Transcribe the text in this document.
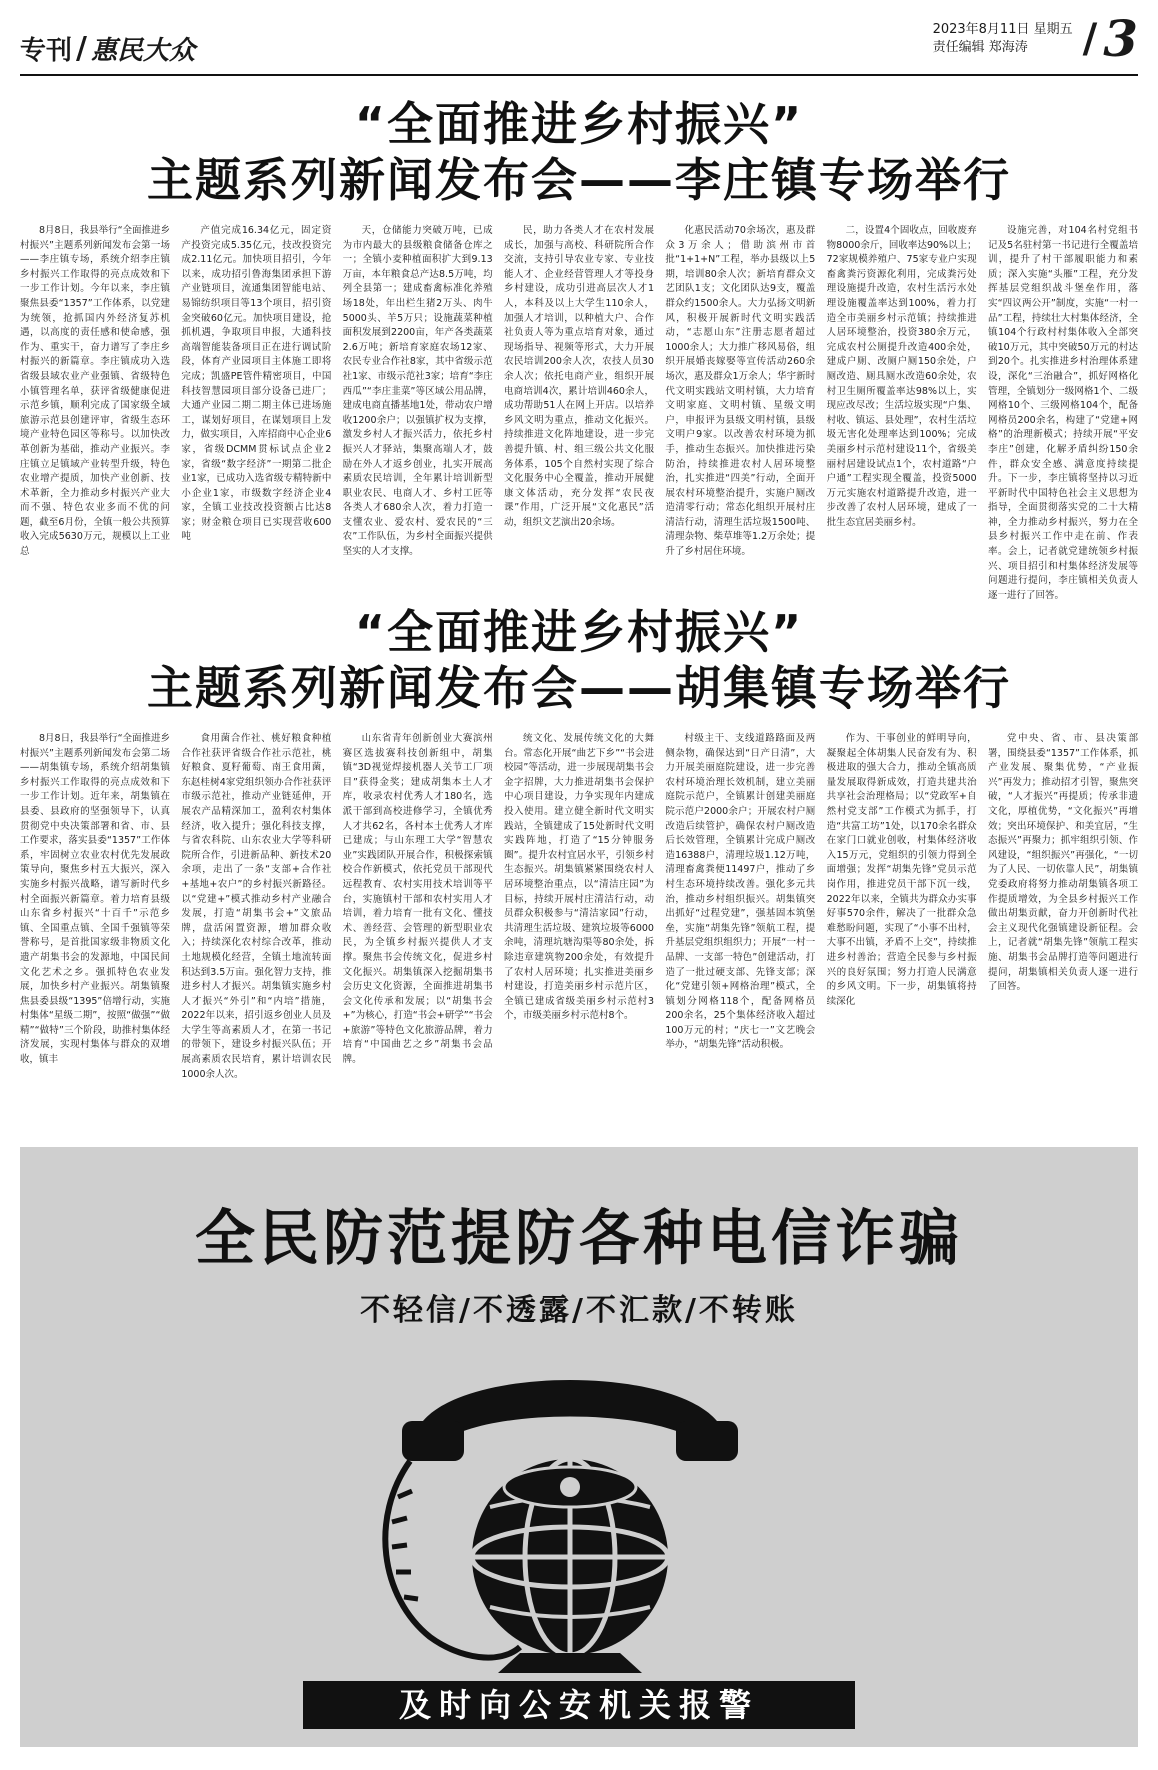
专刊 / 惠民大众
2023年8月11日 星期五
责任编辑 郑海涛	/ 3
“全面推进乡村振兴”
主题系列新闻发布会——李庄镇专场举行

8月8日，我县举行“全面推进乡村振兴”主题系列新闻发布会第一场——李庄镇专场，系统介绍李庄镇乡村振兴工作取得的亮点成效和下一步工作计划。今年以来，李庄镇聚焦县委“1357”工作体系，以党建为统领，抢抓国内外经济复苏机遇，以高度的责任感和使命感，强作为、重实干，奋力谱写了李庄乡村振兴的新篇章。李庄镇成功入选省级县域农业产业强镇、省级特色小镇管理名单，获评省级健康促进示范乡镇，顺利完成了国家级全域旅游示范县创建评审，省级生态环境产业特色园区等称号。以加快改革创新为基础，推动产业振兴。李庄镇立足镇域产业转型升级，特色农业增产提质，加快产业创新、技术革新，全力推动乡村振兴产业大而不强、特色农业多而不优的问题，截至6月份，全镇一般公共预算收入完成5630万元，规模以上工业总

产值完成16.34亿元，固定资产投资完成5.35亿元，技改投资完成2.11亿元。加快项目招引，今年以来，成功招引鲁海集团承担下游产业链项目，流通集团智能电站、易锦纺织项目等13个项目，招引资金突破60亿元。加快项目建设，抢抓机遇，争取项目申报，大通科技高端智能装备项目正在进行调试阶段，体育产业园项目主体施工即将完成；凯盛PE管件精密项目，中国科技智慧园项目部分设备已进厂；大通产业园二期二期主体已进场施工，谋划好项目，在谋划项目上发力，做实项目，入库招商中心企业6家，省级DCMM贯标试点企业2家，省级“数字经济”一期第二批企业1家，已成功入选省级专精特新中小企业1家，市级数字经济企业4家，全镇工业技改投资额占比达8家；财金粮仓项目已实现营收600吨

天，仓储能力突破万吨，已成为市内最大的县级粮食储备仓库之一；全镇小麦种植面积扩大到9.13万亩，本年粮食总产达8.5万吨，均列全县第一；建成畜禽标准化养殖场18处，年出栏生猪2万头、肉牛5000头、羊5万只；设施蔬菜种植面积发展到2200亩，年产各类蔬菜2.6万吨；新培育家庭农场12家、农民专业合作社8家，其中省级示范社1家、市级示范社3家；培育“李庄西瓜”“李庄韭菜”等区域公用品牌，建成电商直播基地1处，带动农户增收1200余户；以强镇扩权为支撑，激发乡村人才振兴活力，依托乡村振兴人才驿站，集聚高端人才，鼓励在外人才返乡创业，扎实开展高素质农民培训，全年累计培训新型职业农民、电商人才、乡村工匠等各类人才680余人次，着力打造一支懂农业、爱农村、爱农民的“三农”工作队伍，为乡村全面振兴提供坚实的人才支撑。

民，助力各类人才在农村发展成长，加强与高校、科研院所合作交流，支持引导农业专家、专业技能人才、企业经营管理人才等投身乡村建设，成功引进高层次人才1人，本科及以上大学生110余人，加强人才培训，以种植大户、合作社负责人等为重点培育对象，通过现场指导、视频等形式，大力开展农民培训200余人次，农技人员30余人次；依托电商产业，组织开展电商培训4次，累计培训460余人，成功帮助51人在网上开店。以培养乡风文明为重点，推动文化振兴。持续推进文化阵地建设，进一步完善提升镇、村、组三级公共文化服务体系，105个自然村实现了综合文化服务中心全覆盖，推动开展健康文体活动，充分发挥“农民夜课”作用，广泛开展“文化惠民”活动，组织文艺演出20余场。

化惠民活动70余场次，惠及群众3万余人；借助滨州市首批“1+1+N”工程，举办县级以上5期，培训80余人次；新培育群众文艺团队1支；文化团队达9支，覆盖群众约1500余人。大力弘扬文明新风，积极开展新时代文明实践活动，“志愿山东”注册志愿者超过1000余人；大力推广移风易俗，组织开展婚丧嫁娶等宣传活动260余场次，惠及群众1万余人；华宇新时代文明实践站文明村镇，大力培育文明家庭、文明村镇、星级文明户，申报评为县级文明村镇，县级文明户9家。以改善农村环境为抓手，推动生态振兴。加快推进污染防治，持续推进农村人居环境整治，扎实推进“四美”行动，全面开展农村环境整治提升，实施户厕改造清零行动；常态化组织开展村庄清洁行动，清理生活垃圾1500吨、清理杂物、柴草堆等1.2万余处；提升了乡村居住环境。

二，设置4个固收点，回收废弃物8000余斤，回收率达90%以上；72家规模养殖户、75家专业户实现畜禽粪污资源化利用，完成粪污处理设施提升改造，农村生活污水处理设施覆盖率达到100%，着力打造全市美丽乡村示范镇；持续推进人居环境整治，投资380余万元，完成农村公厕提升改造400余处，建成户厕、改厕户厕150余处，户厕改造、厕具厕水改造60余处，农村卫生厕所覆盖率达98%以上，实现应改尽改；生活垃圾实现“户集、村收、镇运、县处理”，农村生活垃圾无害化处理率达到100%；完成美丽乡村示范村建设11个，省级美丽村居建设试点1个，农村道路“户户通”工程实现全覆盖，投资5000万元实施农村道路提升改造，进一步改善了农村人居环境，建成了一批生态宜居美丽乡村。

设施完善，对104名村党组书记及5名驻村第一书记进行全覆盖培训，提升了村干部履职能力和素质；深入实施“头雁”工程，充分发挥基层党组织战斗堡垒作用，落实“四议两公开”制度，实施“一村一品”工程，持续壮大村集体经济，全镇104个行政村村集体收入全部突破10万元，其中突破50万元的村达到20个。扎实推进乡村治理体系建设，深化“三治融合”，抓好网格化管理，全镇划分一级网格1个、二级网格10个、三级网格104个，配备网格员200余名，构建了“党建+网格”的治理新模式；持续开展“平安李庄”创建，化解矛盾纠纷150余件，群众安全感、满意度持续提升。下一步，李庄镇将坚持以习近平新时代中国特色社会主义思想为指导，全面贯彻落实党的二十大精神，全力推动乡村振兴，努力在全县乡村振兴工作中走在前、作表率。会上，记者就党建统领乡村振兴、项目招引和村集体经济发展等问题进行提问，李庄镇相关负责人逐一进行了回答。

“全面推进乡村振兴”
主题系列新闻发布会——胡集镇专场举行

8月8日，我县举行“全面推进乡村振兴”主题系列新闻发布会第二场——胡集镇专场，系统介绍胡集镇乡村振兴工作取得的亮点成效和下一步工作计划。近年来，胡集镇在县委、县政府的坚强领导下，认真贯彻党中央决策部署和省、市、县工作要求，落实县委“1357”工作体系，牢固树立农业农村优先发展政策导向，聚焦乡村五大振兴，深入实施乡村振兴战略，谱写新时代乡村全面振兴新篇章。着力培育县级山东省乡村振兴“十百千”示范乡镇、全国重点镇、全国千强镇等荣誉称号，是首批国家级非物质文化遗产胡集书会的发源地，中国民间文化艺术之乡。强抓特色农业发展，加快乡村产业振兴。胡集镇聚焦县委县级“1395”倍增行动，实施村集体“星级二期”，按照“做强”“做精”“做特”三个阶段，助推村集体经济发展，实现村集体与群众的双增收，镇丰

食用菌合作社、桃好粮食种植合作社获评省级合作社示范社，桃好粮食、夏籽葡萄、南王食用菌，东赵桂树4家党组织领办合作社获评市级示范社，推动产业链延伸，开展农产品精深加工，盈利农村集体经济，收入提升；强化科技支撑，与省农科院、山东农业大学等科研院所合作，引进新品种、新技术20余项，走出了一条“支部+合作社+基地+农户”的乡村振兴新路径。以“党建+”模式推动乡村产业融合发展，打造“胡集书会+”文旅品牌，盘活闲置资源，增加群众收入；持续深化农村综合改革，推动土地规模化经营，全镇土地流转面积达到3.5万亩。强化智力支持，推进乡村人才振兴。胡集镇实施乡村人才振兴“外引”和“内培”措施，2022年以来，招引返乡创业人员及大学生等高素质人才，在第一书记的带领下，建设乡村振兴队伍；开展高素质农民培育，累计培训农民1000余人次。

山东省青年创新创业大赛滨州赛区选拔赛科技创新组中，胡集镇“3D视觉焊接机器人关节工厂项目”获得金奖；建成胡集本土人才库，收录农村优秀人才180名，选派干部到高校进修学习，全镇优秀人才共62名，各村本土优秀人才库已建成；与山东理工大学“智慧农业”实践团队开展合作，积极探索镇校合作新模式，依托党员干部现代远程教育、农村实用技术培训等平台，实施镇村干部和农村实用人才培训，着力培育一批有文化、懂技术、善经营、会管理的新型职业农民，为全镇乡村振兴提供人才支撑。聚焦书会传统文化，促进乡村文化振兴。胡集镇深入挖掘胡集书会历史文化资源，全面推进胡集书会文化传承和发展；以“胡集书会+”为核心，打造“书会+研学”“书会+旅游”等特色文化旅游品牌，着力培育“中国曲艺之乡”胡集书会品牌。

统文化、发展传统文化的大舞台。常态化开展“曲艺下乡”“书会进校园”等活动，进一步展现胡集书会金字招牌，大力推进胡集书会保护中心项目建设，力争实现年内建成投入使用。建立健全新时代文明实践站，全镇建成了15处新时代文明实践阵地，打造了“15分钟服务圈”。提升农村宜居水平，引领乡村生态振兴。胡集镇紧紧围绕农村人居环境整治重点，以“清洁庄园”为目标，持续开展村庄清洁行动，动员群众积极参与“清洁家园”行动，共清理生活垃圾、建筑垃圾等6000余吨，清理坑塘沟渠等80余处，拆除违章建筑物200余处，有效提升了农村人居环境；扎实推进美丽乡村建设，打造美丽乡村示范片区，全镇已建成省级美丽乡村示范村3个，市级美丽乡村示范村8个。

村级主干、支线道路路面及两侧杂物，确保达到“日产日清”，大力开展美丽庭院建设，进一步完善农村环境治理长效机制，建立美丽庭院示范户，全镇累计创建美丽庭院示范户2000余户；开展农村户厕改造后续管护，确保农村户厕改造后长效管理，全镇累计完成户厕改造16388户，清理垃圾1.12万吨，清理畜禽粪便11497户，推动了乡村生态环境持续改善。强化多元共治，推动乡村组织振兴。胡集镇突出抓好“过程党建”，强基固本筑堡垒，实施“胡集先锋”领航工程，提升基层党组织组织力；开展“一村一品牌、一支部一特色”创建活动，打造了一批过硬支部、先锋支部；深化“党建引领+网格治理”模式，全镇划分网格118个，配备网格员200余名，25个集体经济收入超过100万元的村；“庆七一”文艺晚会举办，“胡集先锋”活动积极。

作为、干事创业的鲜明导向，凝聚起全体胡集人民奋发有为、积极进取的强大合力，推动全镇高质量发展取得新成效，打造共建共治共享社会治理格局；以“党政军+自然村党支部”工作模式为抓手，打造“共富工坊”1处，以170余名群众在家门口就业创收，村集体经济收入15万元，党组织的引领力得到全面增强；发挥“胡集先锋”党员示范岗作用，推进党员干部下沉一线，2022年以来，全镇共为群众办实事好事570余件，解决了一批群众急难愁盼问题，实现了“小事不出村，大事不出镇，矛盾不上交”，持续推进乡村善治；营造全民参与乡村振兴的良好氛围；努力打造人民满意的乡风文明。下一步，胡集镇将持续深化

党中央、省、市、县决策部署，围绕县委“1357”工作体系，抓产业发展、聚集优势，“产业振兴”再发力；推动招才引智，聚焦突破，“人才振兴”再提质；传承非遗文化，厚植优势，“文化振兴”再增效；突出环境保护、和美宜居，“生态振兴”再聚力；抓牢组织引领、作风建设，“组织振兴”再强化，“一切为了人民、一切依靠人民”，胡集镇党委政府将努力推动胡集镇各项工作提质增效，为全县乡村振兴工作做出胡集贡献，奋力开创新时代社会主义现代化强镇建设新征程。会上，记者就“胡集先锋”领航工程实施、胡集书会品牌打造等问题进行提问，胡集镇相关负责人逐一进行了回答。

全民防范提防各种电信诈骗
不轻信/不透露/不汇款/不转账
及时向公安机关报警
